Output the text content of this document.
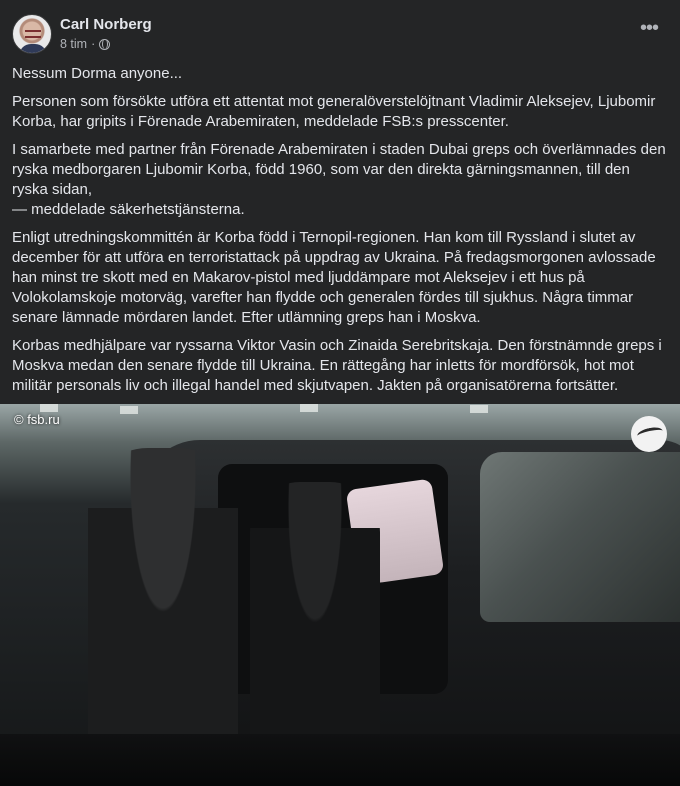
Carl Norberg
8 tim ·
•••

Nessum Dorma anyone...

Personen som försökte utföra ett attentat mot generalöverstelöjtnant Vladimir Aleksejev, Ljubomir Korba, har gripits i Förenade Arabemiraten, meddelade FSB:s presscenter.

I samarbete med partner från Förenade Arabemiraten i staden Dubai greps och överlämnades den ryska medborgaren Ljubomir Korba, född 1960, som var den direkta gärningsmannen, till den ryska sidan,
— meddelade säkerhetstjänsterna.

Enligt utredningskommittén är Korba född i Ternopil-regionen. Han kom till Ryssland i slutet av december för att utföra en terroristattack på uppdrag av Ukraina. På fredagsmorgonen avlossade han minst tre skott med en Makarov-pistol med ljuddämpare mot Aleksejev i ett hus på Volokolamskoje motorväg, varefter han flydde och generalen fördes till sjukhus. Några timmar senare lämnade mördaren landet. Efter utlämning greps han i Moskva.

Korbas medhjälpare var ryssarna Viktor Vasin och Zinaida Serebritskaja. Den förstnämnde greps i Moskva medan den senare flydde till Ukraina. En rättegång har inletts för mordförsök, hot mot militär personals liv och illegal handel med skjutvapen. Jakten på organisatörerna fortsätter.

© fsb.ru
